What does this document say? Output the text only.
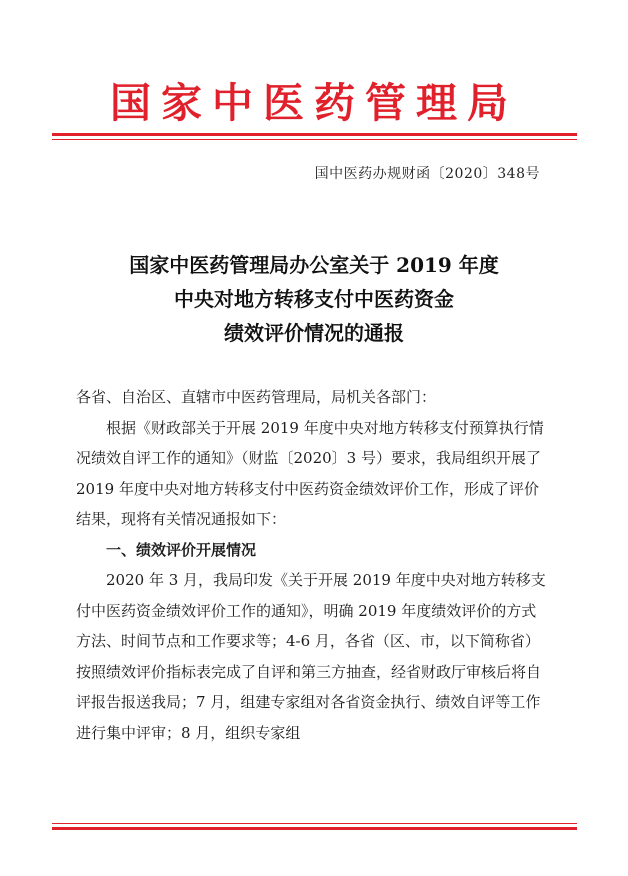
国家中医药管理局
国中医药办规财函〔2020〕348号
国家中医药管理局办公室关于 2019 年度
中央对地方转移支付中医药资金
绩效评价情况的通报

各省、自治区、直辖市中医药管理局，局机关各部门：

根据《财政部关于开展 2019 年度中央对地方转移支付预算执行情况绩效自评工作的通知》（财监〔2020〕3 号）要求，我局组织开展了 2019 年度中央对地方转移支付中医药资金绩效评价工作，形成了评价结果，现将有关情况通报如下：

一、绩效评价开展情况

2020 年 3 月，我局印发《关于开展 2019 年度中央对地方转移支付中医药资金绩效评价工作的通知》，明确 2019 年度绩效评价的方式方法、时间节点和工作要求等；4-6 月，各省（区、市，以下简称省）按照绩效评价指标表完成了自评和第三方抽查，经省财政厅审核后将自评报告报送我局；7 月，组建专家组对各省资金执行、绩效自评等工作进行集中评审；8 月，组织专家组
